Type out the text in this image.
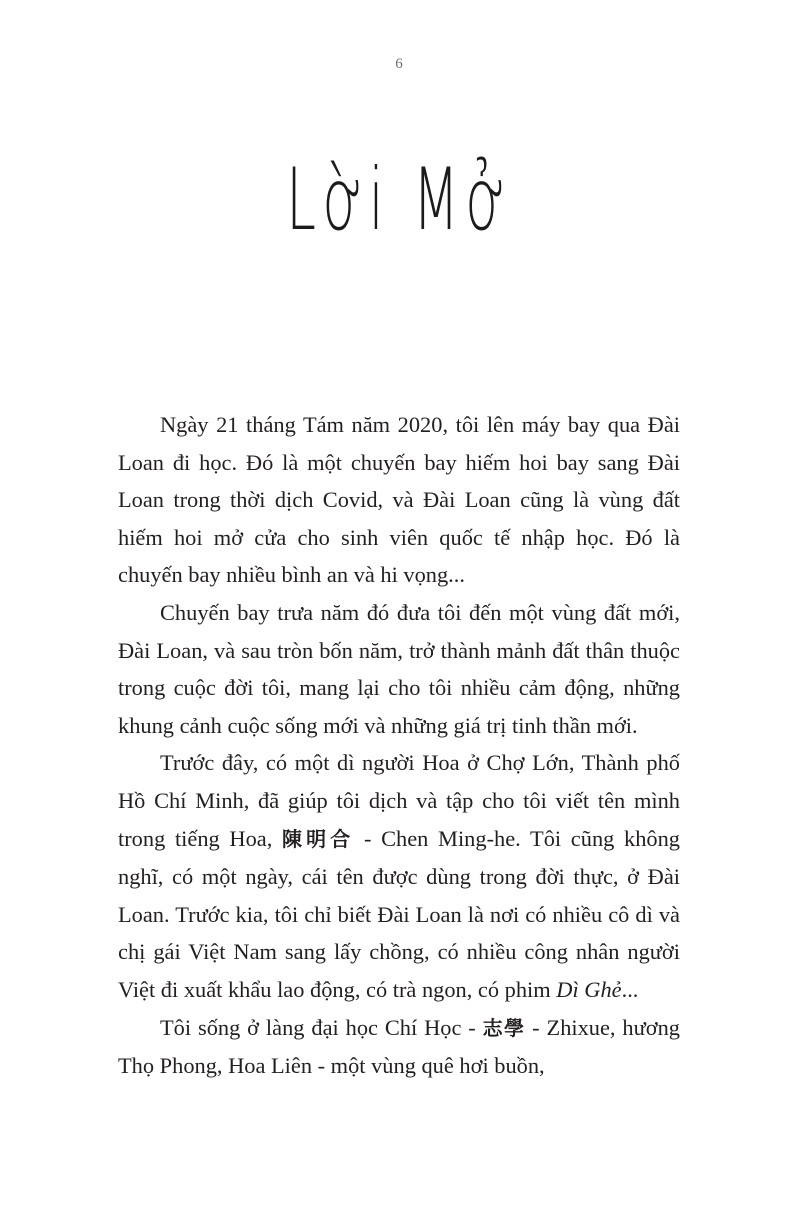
6
Lời Mở

Ngày 21 tháng Tám năm 2020, tôi lên máy bay qua Đài Loan đi học. Đó là một chuyến bay hiếm hoi bay sang Đài Loan trong thời dịch Covid, và Đài Loan cũng là vùng đất hiếm hoi mở cửa cho sinh viên quốc tế nhập học. Đó là chuyến bay nhiều bình an và hi vọng...

Chuyến bay trưa năm đó đưa tôi đến một vùng đất mới, Đài Loan, và sau tròn bốn năm, trở thành mảnh đất thân thuộc trong cuộc đời tôi, mang lại cho tôi nhiều cảm động, những khung cảnh cuộc sống mới và những giá trị tinh thần mới.

Trước đây, có một dì người Hoa ở Chợ Lớn, Thành phố Hồ Chí Minh, đã giúp tôi dịch và tập cho tôi viết tên mình trong tiếng Hoa, 陳明合 - Chen Ming-he. Tôi cũng không nghĩ, có một ngày, cái tên được dùng trong đời thực, ở Đài Loan. Trước kia, tôi chỉ biết Đài Loan là nơi có nhiều cô dì và chị gái Việt Nam sang lấy chồng, có nhiều công nhân người Việt đi xuất khẩu lao động, có trà ngon, có phim Dì Ghẻ...

Tôi sống ở làng đại học Chí Học - 志學 - Zhixue, hương Thọ Phong, Hoa Liên - một vùng quê hơi buồn,
